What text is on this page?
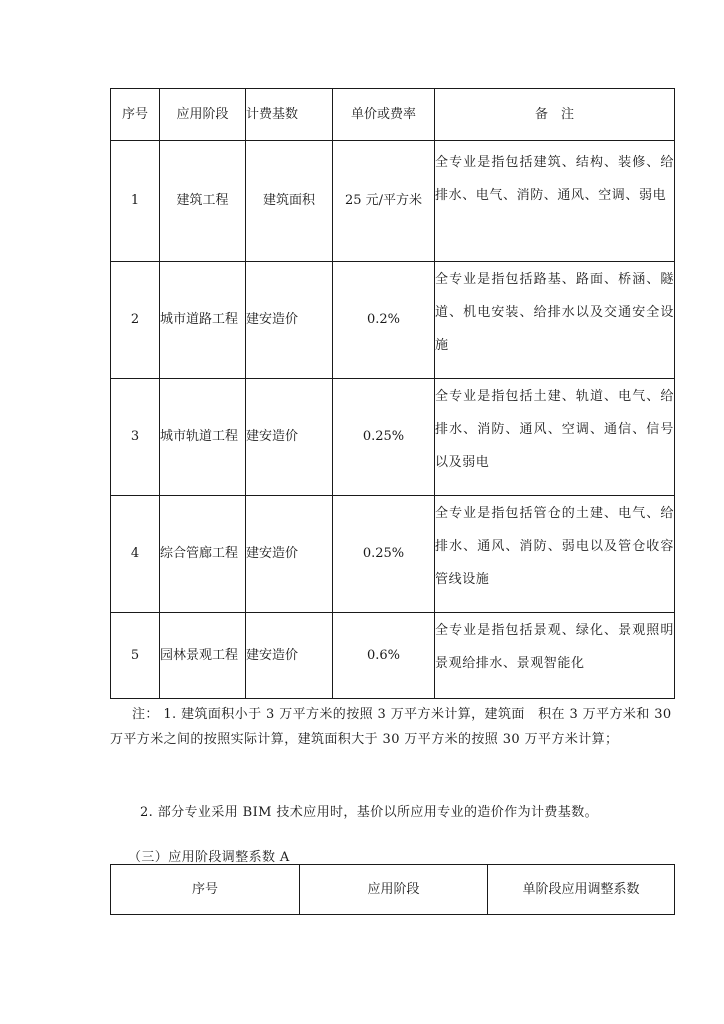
序号	应用阶段	计费基数	单价或费率	备　注
1	建筑工程	建筑面积	25 元/平方米	全专业是指包括建筑、结构、装修、给排水、电气、消防、通风、空调、弱电
2	城市道路工程	建安造价	0.2%	全专业是指包括路基、路面、桥涵、隧道、机电安装、给排水以及交通安全设施
3	城市轨道工程	建安造价	0.25%	全专业是指包括土建、轨道、电气、给排水、消防、通风、空调、通信、信号以及弱电
4	综合管廊工程	建安造价	0.25%	全专业是指包括管仓的土建、电气、给排水、通风、消防、弱电以及管仓收容管线设施
5	园林景观工程	建安造价	0.6%	全专业是指包括景观、绿化、景观照明景观给排水、景观智能化

注： 1. 建筑面积小于 3 万平方米的按照 3 万平方米计算，建筑面　积在 3 万平方米和 30 万平方米之间的按照实际计算，建筑面积大于 30 万平方米的按照 30 万平方米计算；

2. 部分专业采用 BIM 技术应用时，基价以所应用专业的造价作为计费基数。

（三）应用阶段调整系数 A

序号	应用阶段	单阶段应用调整系数
